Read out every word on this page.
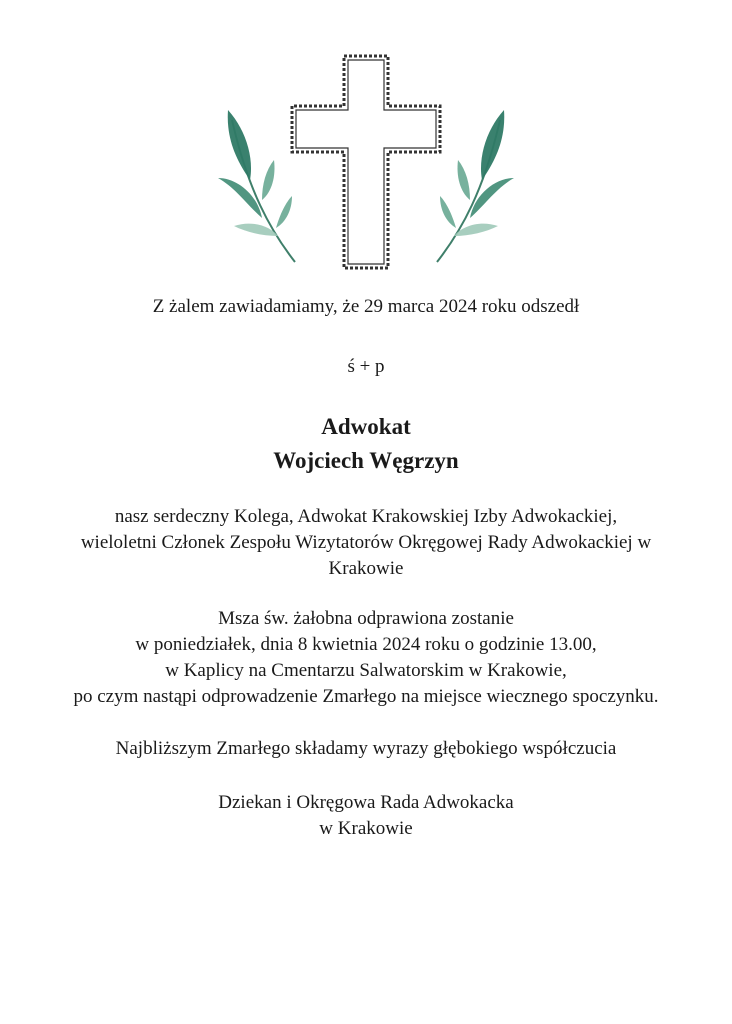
Z żalem zawiadamiamy, że 29 marca 2024 roku odszedł

ś + p

Adwokat
Wojciech Węgrzyn

nasz serdeczny Kolega, Adwokat Krakowskiej Izby Adwokackiej,
wieloletni Członek Zespołu Wizytatorów Okręgowej Rady Adwokackiej w
Krakowie

Msza św. żałobna odprawiona zostanie
w poniedziałek, dnia 8 kwietnia 2024 roku o godzinie 13.00,
w Kaplicy na Cmentarzu Salwatorskim w Krakowie,
po czym nastąpi odprowadzenie Zmarłego na miejsce wiecznego spoczynku.

Najbliższym Zmarłego składamy wyrazy głębokiego współczucia

Dziekan i Okręgowa Rada Adwokacka
w Krakowie
